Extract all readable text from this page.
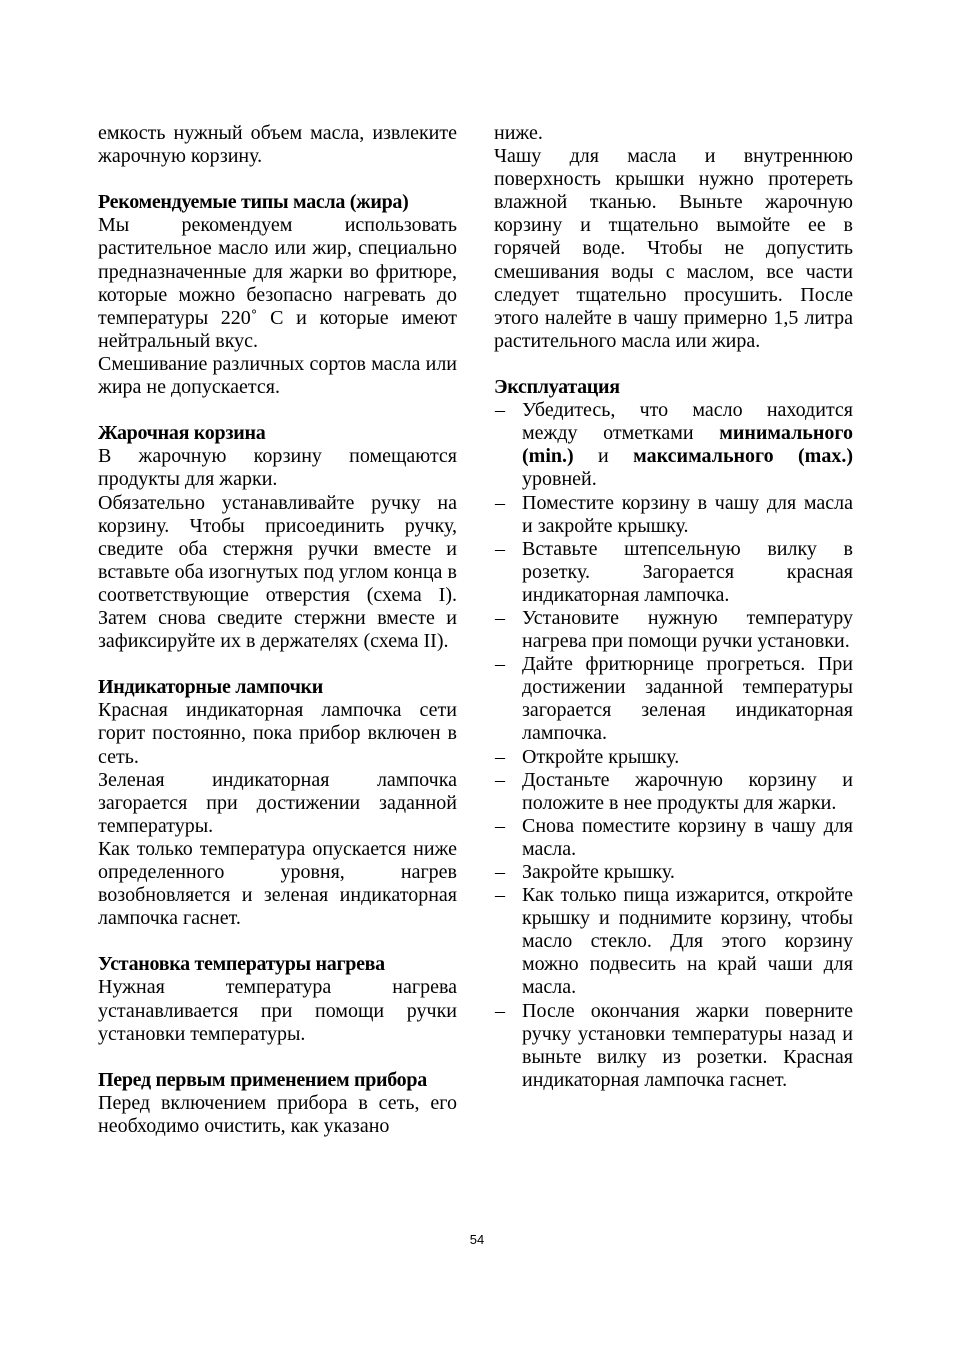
емкость нужный объем масла, извлеките жарочную корзину.

Рекомендуемые типы масла (жира)

Мы рекомендуем использовать растительное масло или жир, специально предназначенные для жарки во фритюре, которые можно безопасно нагревать до температуры 220˚ С и которые имеют нейтральный вкус.

Смешивание различных сортов масла или жира не допускается.

Жарочная корзина

В жарочную корзину помещаются продукты для жарки.

Обязательно устанавливайте ручку на корзину. Чтобы присоединить ручку, сведите оба стержня ручки вместе и вставьте оба изогнутых под углом конца в соответствующие отверстия (схема I). Затем снова сведите стержни вместе и зафиксируйте их в держателях (схема II).

Индикаторные лампочки

Красная индикаторная лампочка сети горит постоянно, пока прибор включен в сеть.

Зеленая индикаторная лампочка загорается при достижении заданной температуры.

Как только температура опускается ниже определенного уровня, нагрев возобновляется и зеленая индикаторная лампочка гаснет.

Установка температуры нагрева

Нужная температура нагрева устанавливается при помощи ручки установки температуры.

Перед первым применением прибора

Перед включением прибора в сеть, его необходимо очистить, как указано

ниже.

Чашу для масла и внутреннюю поверхность крышки нужно протереть влажной тканью. Выньте жарочную корзину и тщательно вымойте ее в горячей воде. Чтобы не допустить смешивания воды с маслом, все части следует тщательно просушить. После этого налейте в чашу примерно 1,5 литра растительного масла или жира.

Эксплуатация
– Убедитесь, что масло находится между отметками минимального (min.) и максимального (max.) уровней.
– Поместите корзину в чашу для масла и закройте крышку.
– Вставьте штепсельную вилку в розетку. Загорается красная индикаторная лампочка.
– Установите нужную температуру нагрева при помощи ручки установки.
– Дайте фритюрнице прогреться. При достижении заданной температуры загорается зеленая индикаторная лампочка.
– Откройте крышку.
– Достаньте жарочную корзину и положите в нее продукты для жарки.
– Снова поместите корзину в чашу для масла.
– Закройте крышку.
– Как только пища изжарится, откройте крышку и поднимите корзину, чтобы масло стекло. Для этого корзину можно подвесить на край чаши для масла.
– После окончания жарки поверните ручку установки температуры назад и выньте вилку из розетки. Красная индикаторная лампочка гаснет.
54
